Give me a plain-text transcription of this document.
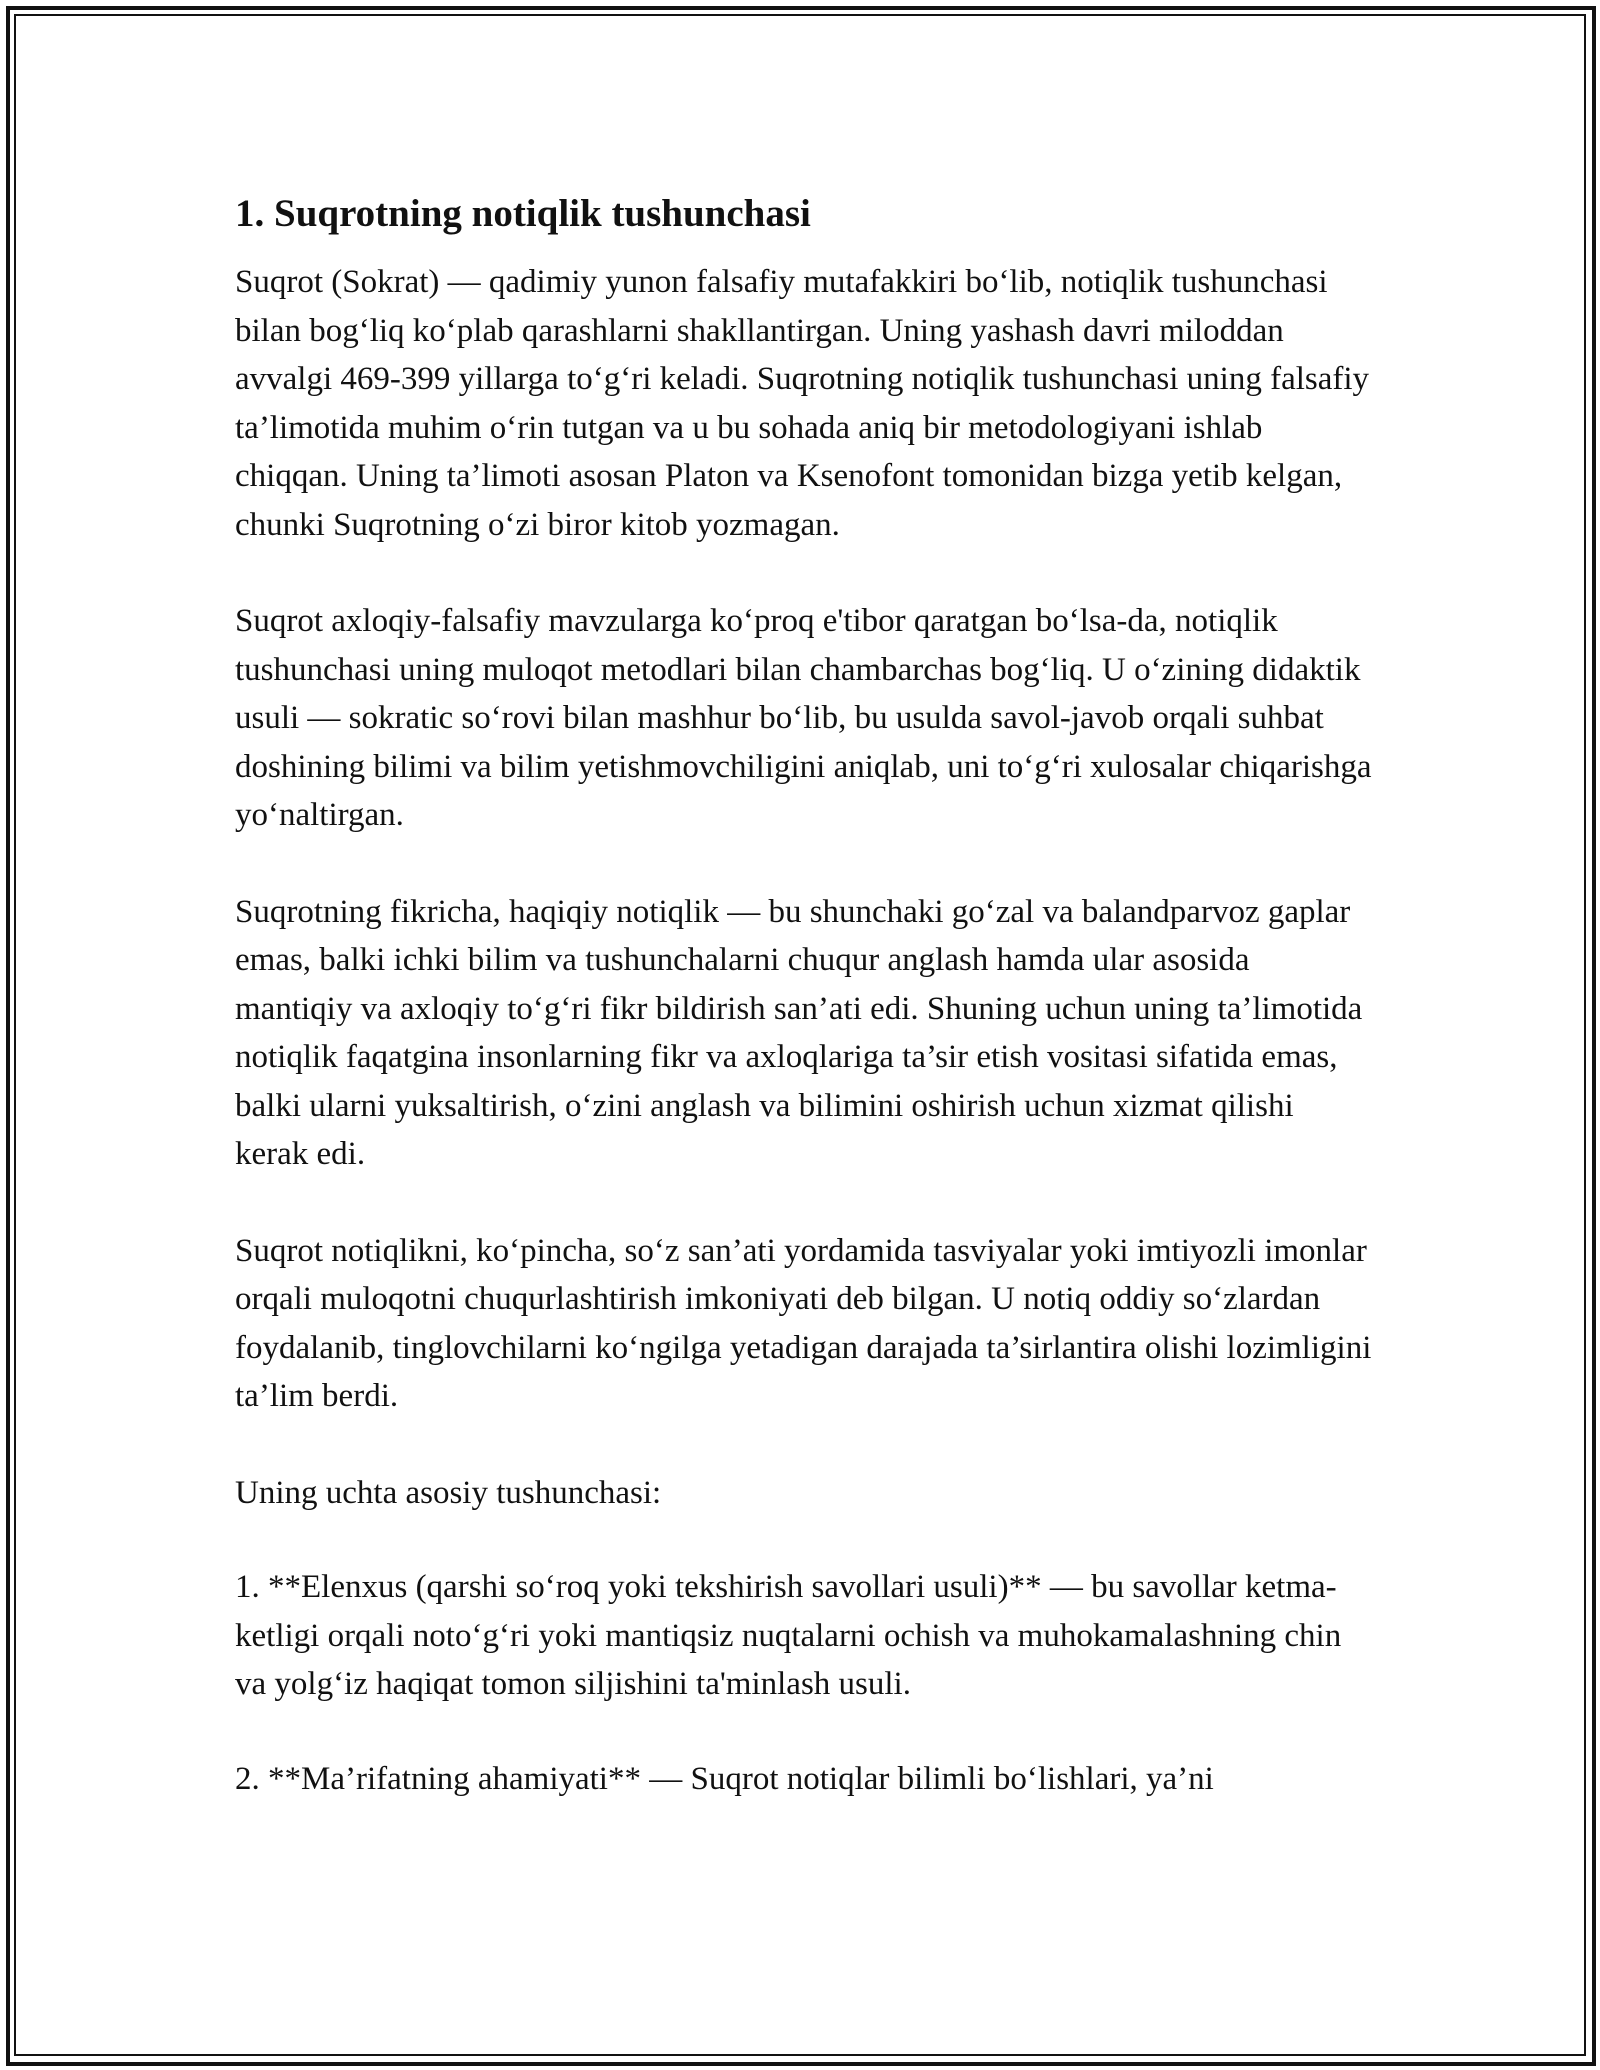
1. Suqrotning notiqlik tushunchasi

Suqrot (Sokrat) — qadimiy yunon falsafiy mutafakkiri bo‘lib, notiqlik tushunchasi bilan bog‘liq ko‘plab qarashlarni shakllantirgan. Uning yashash davri miloddan avvalgi 469-399 yillarga to‘g‘ri keladi. Suqrotning notiqlik tushunchasi uning falsafiy ta’limotida muhim o‘rin tutgan va u bu sohada aniq bir metodologiyani ishlab chiqqan. Uning ta’limoti asosan Platon va Ksenofont tomonidan bizga yetib kelgan, chunki Suqrotning o‘zi biror kitob yozmagan.

Suqrot axloqiy-falsafiy mavzularga ko‘proq e'tibor qaratgan bo‘lsa-da, notiqlik tushunchasi uning muloqot metodlari bilan chambarchas bog‘liq. U o‘zining didaktik usuli — sokratic so‘rovi bilan mashhur bo‘lib, bu usulda savol-javob orqali suhbat doshining bilimi va bilim yetishmovchiligini aniqlab, uni to‘g‘ri xulosalar chiqarishga yo‘naltirgan.

Suqrotning fikricha, haqiqiy notiqlik — bu shunchaki go‘zal va balandparvoz gaplar emas, balki ichki bilim va tushunchalarni chuqur anglash hamda ular asosida mantiqiy va axloqiy to‘g‘ri fikr bildirish san’ati edi. Shuning uchun uning ta’limotida notiqlik faqatgina insonlarning fikr va axloqlariga ta’sir etish vositasi sifatida emas, balki ularni yuksaltirish, o‘zini anglash va bilimini oshirish uchun xizmat qilishi kerak edi.

Suqrot notiqlikni, ko‘pincha, so‘z san’ati yordamida tasviyalar yoki imtiyozli imonlar orqali muloqotni chuqurlashtirish imkoniyati deb bilgan. U notiq oddiy so‘zlardan foydalanib, tinglovchilarni ko‘ngilga yetadigan darajada ta’sirlantira olishi lozimligini ta’lim berdi.

Uning uchta asosiy tushunchasi:

1. **Elenxus (qarshi so‘roq yoki tekshirish savollari usuli)** — bu savollar ketma-ketligi orqali noto‘g‘ri yoki mantiqsiz nuqtalarni ochish va muhokamalashning chin va yolg‘iz haqiqat tomon siljishini ta'minlash usuli.

2. **Ma’rifatning ahamiyati** — Suqrot notiqlar bilimli bo‘lishlari, ya’ni
